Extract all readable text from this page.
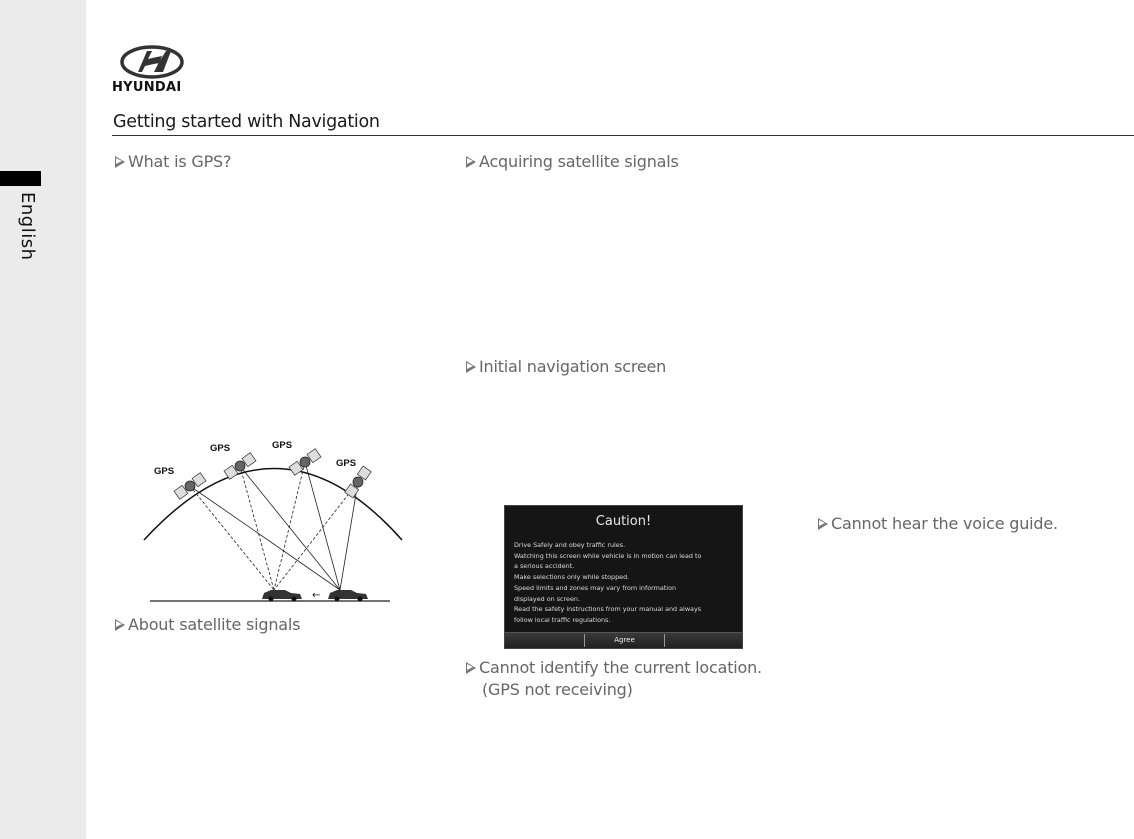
English
HYUNDAI
Getting started with Navigation
What is GPS?
About satellite signals
Acquiring satellite signals
Initial navigation screen
Cannot identify the current location.
(GPS not receiving)
Cannot hear the voice guide.
GPS
GPS	GPS
GPS
←
Caution!
Drive Safely and obey traffic rules.
Watching this screen while vehicle is in motion can lead to
a serious accident.
Make selections only while stopped.
Speed limits and zones may vary from information
displayed on screen.
Read the safety instructions from your manual and always
follow local traffic regulations.
Agree
